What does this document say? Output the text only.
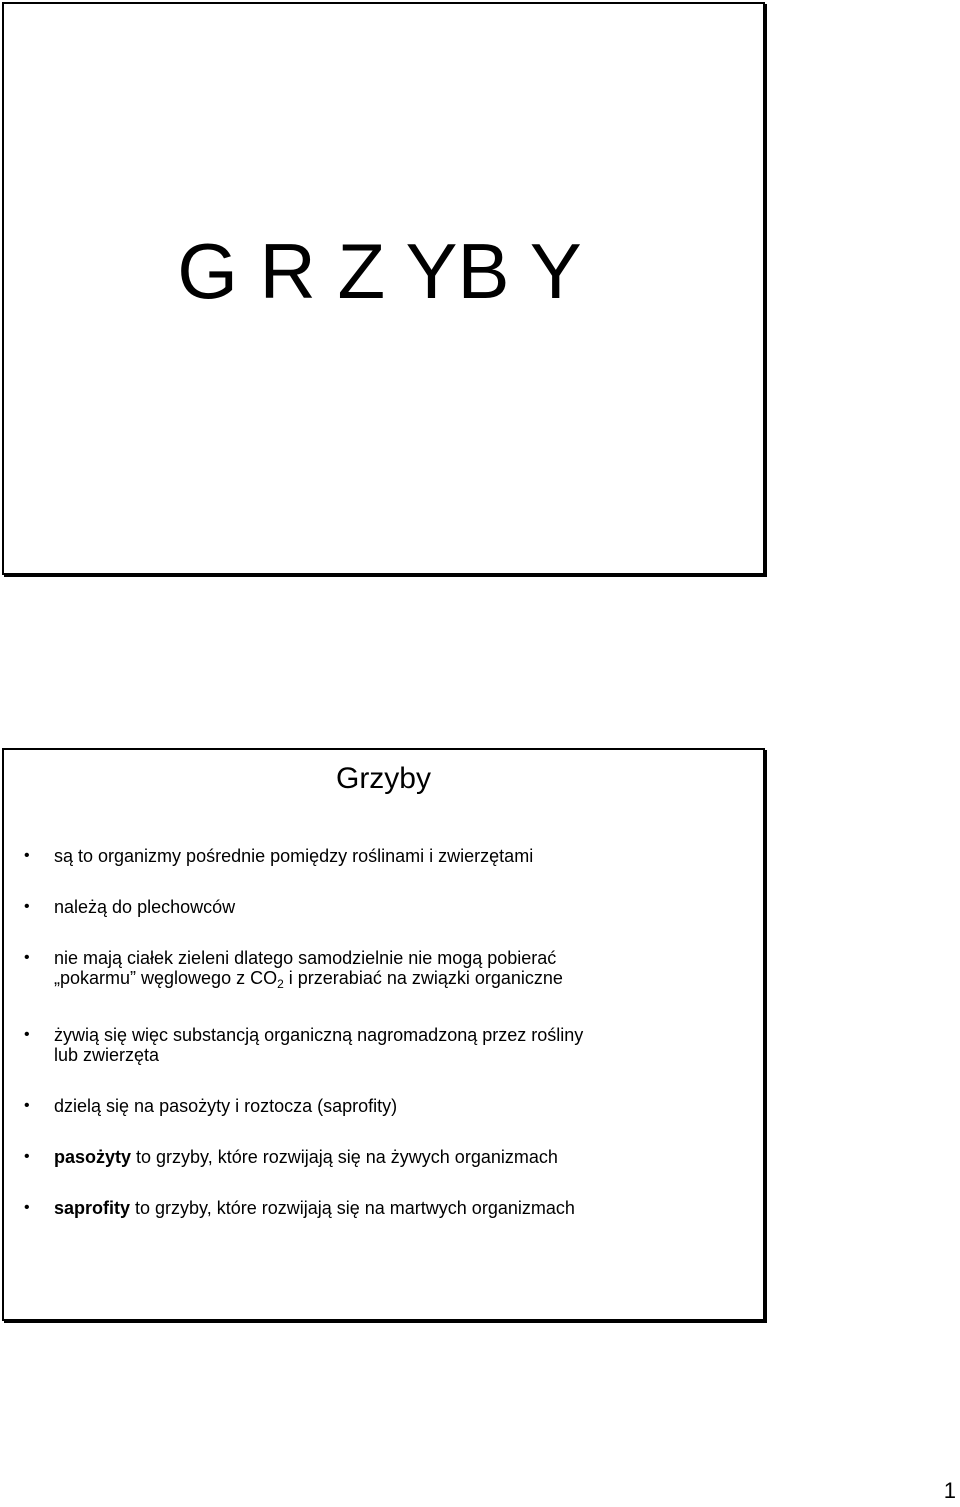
G R Z YB Y
Grzyby
• są to organizmy pośrednie pomiędzy roślinami i zwierzętami
• należą do plechowców
• nie mają ciałek zieleni dlatego samodzielnie nie mogą pobierać
„pokarmu” węglowego z $CO_2$ i przerabiać na związki organiczne
• żywią się więc substancją organiczną nagromadzoną przez rośliny
lub zwierzęta
• dzielą się na pasożyty i roztocza (saprofity)
• pasożyty to grzyby, które rozwijają się na żywych organizmach
• saprofity to grzyby, które rozwijają się na martwych organizmach
1
